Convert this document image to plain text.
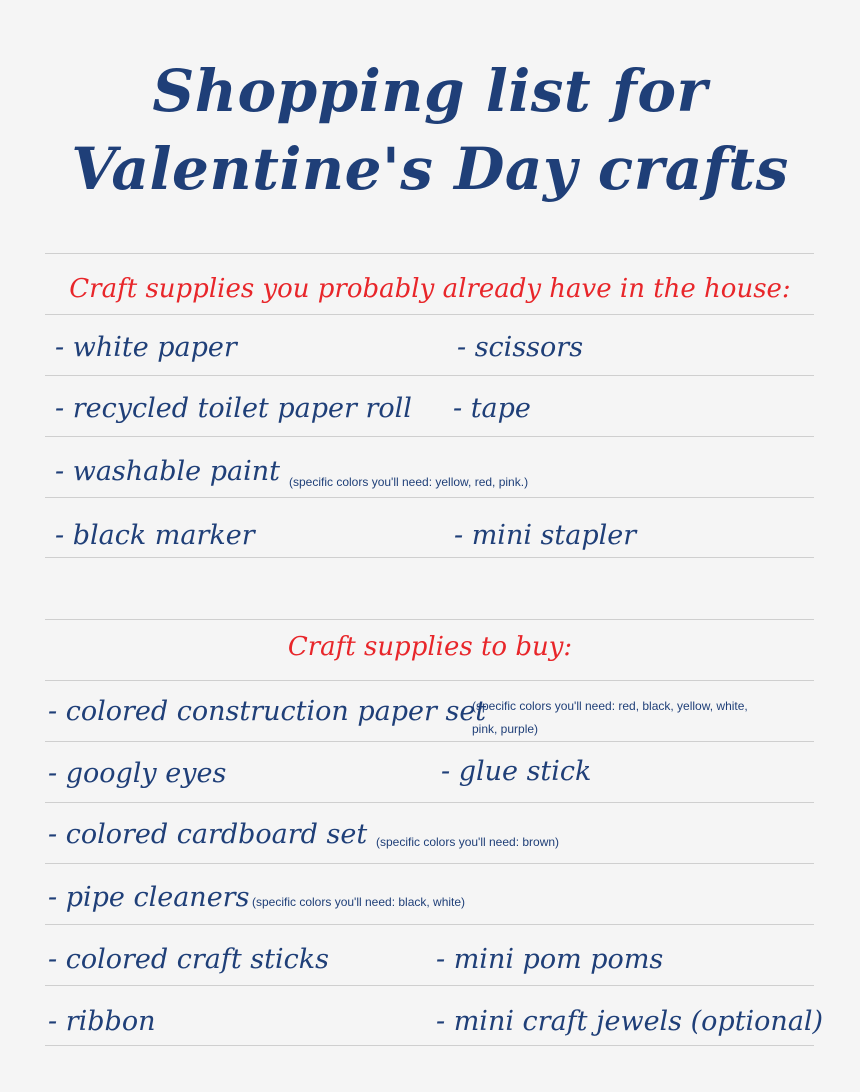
Shopping list for
Valentine's Day crafts
Craft supplies you probably already have in the house:
- white paper	- scissors
- recycled toilet paper roll - tape
- washable paint (specific colors you'll need: yellow, red, pink.)
- black marker	- mini stapler
Craft supplies to buy:
- colored construction paper set
(specific colors you'll need: red, black, yellow, white,
pink, purple)
- googly eyes	- glue stick
- colored cardboard set (specific colors you'll need: brown)
- pipe cleaners (specific colors you'll need: black, white)
- colored craft sticks	- mini pom poms
- ribbon	- mini craft jewels (optional)
